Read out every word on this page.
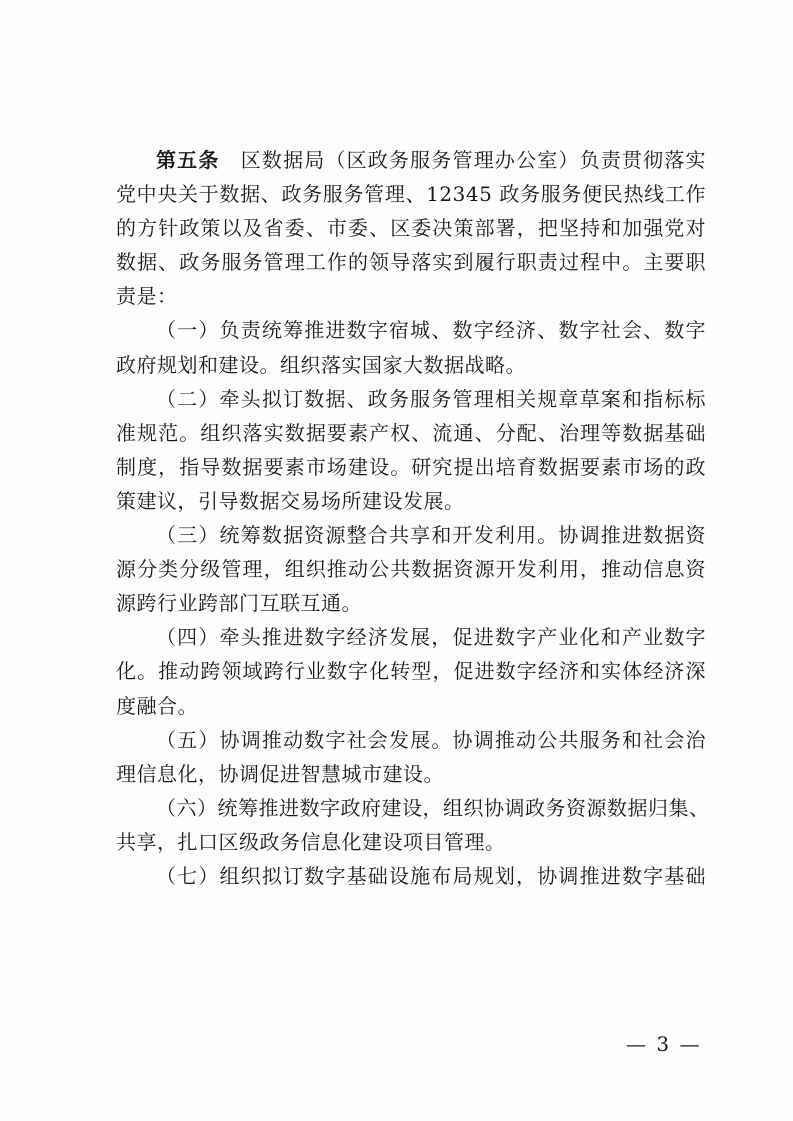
第五条　 区数据局（区政务服务管理办公室）负责贯彻落实
党中央关于数据、政务服务管理、12345 政务服务便民热线工作
的方针政策以及省委、市委、区委决策部署，把坚持和加强党对
数据、政务服务管理工作的领导落实到履行职责过程中。主要职
责是：
（一）负责统筹推进数字宿城、数字经济、数字社会、数字
政府规划和建设。组织落实国家大数据战略。
（二）牵头拟订数据、政务服务管理相关规章草案和指标标
准规范。组织落实数据要素产权、流通、分配、治理等数据基础
制度，指导数据要素市场建设。研究提出培育数据要素市场的政
策建议，引导数据交易场所建设发展。
（三）统筹数据资源整合共享和开发利用。协调推进数据资
源分类分级管理，组织推动公共数据资源开发利用，推动信息资
源跨行业跨部门互联互通。
（四）牵头推进数字经济发展，促进数字产业化和产业数字
化。推动跨领域跨行业数字化转型，促进数字经济和实体经济深
度融合。
（五）协调推动数字社会发展。协调推动公共服务和社会治
理信息化，协调促进智慧城市建设。
（六）统筹推进数字政府建设，组织协调政务资源数据归集、
共享，扎口区级政务信息化建设项目管理。
（七）组织拟订数字基础设施布局规划，协调推进数字基础
— 3 —
